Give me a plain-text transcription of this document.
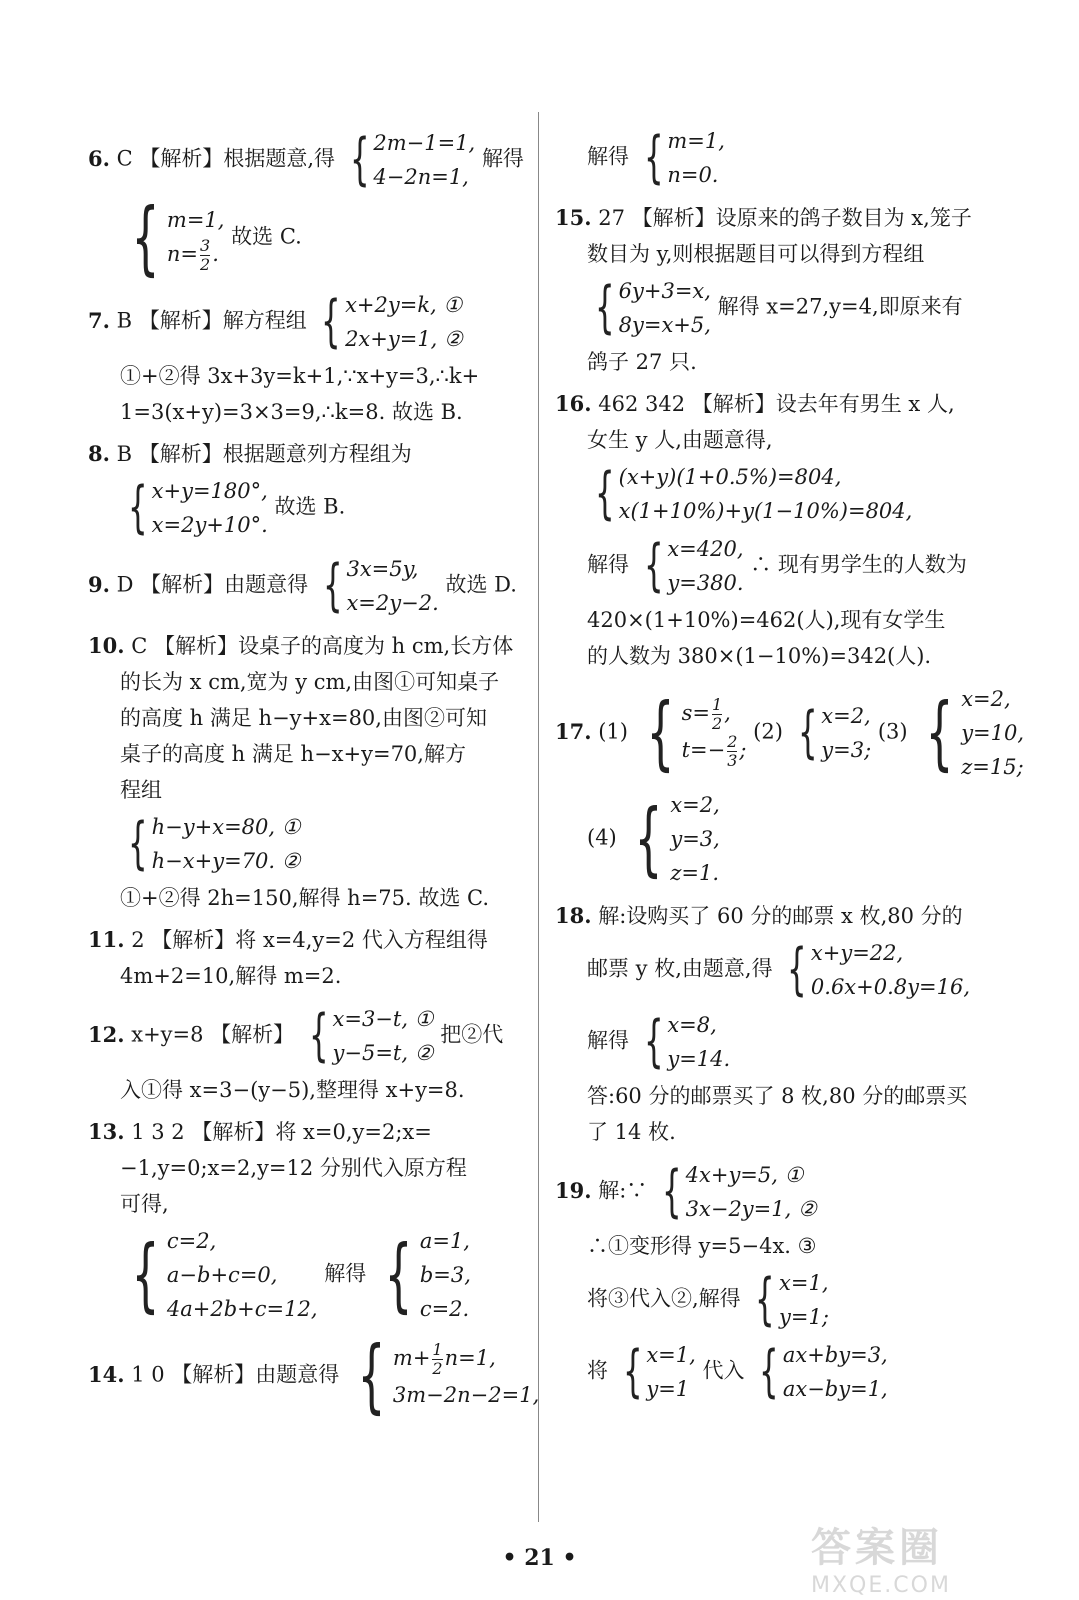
6. C 【解析】根据题意,得 { 2m−1=1,
4−2n=1,
解得
{ m=1,
$n= \frac{3}{2}$ .
故选 C.
7. B 【解析】解方程组 { x+2y=k, ①
2x+y=1, ②
①+②得 3x+3y=k+1,∵x+y=3,∴k+
1=3(x+y)=3×3=9,∴k=8. 故选 B.
8. B 【解析】根据题意列方程组为
{ x+y=180°,
x=2y+10°.
故选 B.
9. D 【解析】由题意得 { 3x=5y,
x=2y−2.
故选 D.
10. C 【解析】设桌子的高度为 h cm,长方体
的长为 x cm,宽为 y cm,由图①可知桌子
的高度 h 满足 h−y+x=80,由图②可知
桌子的高度 h 满足 h−x+y=70,解方
程组
{ h−y+x=80, ①
h−x+y=70. ②
①+②得 2h=150,解得 h=75. 故选 C.
11. 2 【解析】将 x=4,y=2 代入方程组得
4m+2=10,解得 m=2.
12. x+y=8 【解析】 { x=3−t, ①
y−5=t, ②
把②代
入①得 x=3−(y−5),整理得 x+y=8.
13. 1 3 2 【解析】将 x=0,y=2;x=
−1,y=0;x=2,y=12 分别代入原方程
可得,
{ c=2,
a−b+c=0,
4a+2b+c=12,
解得 { a=1,
b=3,
c=2.
14. 1 0 【解析】由题意得 { $m+ \frac{1}{2} n=1$,
3m−2n−2=1,
解得 { m=1,
n=0.
15. 27 【解析】设原来的鸽子数目为 x,笼子
数目为 y,则根据题目可以得到方程组
{ 6y+3=x,
8y=x+5,
解得 x=27,y=4,即原来有
鸽子 27 只.
16. 462 342 【解析】设去年有男生 x 人,
女生 y 人,由题意得,
{ (x+y)(1+0.5%)=804,
x(1+10%)+y(1−10%)=804,
解得 { x=420,
y=380.
∴ 现有男学生的人数为
420×(1+10%)=462(人),现有女学生
的人数为 380×(1−10%)=342(人).
17. (1) { $s= \frac{1}{2}$ ,
$t=- \frac{2}{3}$ ;
(2) { x=2,
y=3;
(3) { x=2,
y=10,
z=15;
(4) { x=2,
y=3,
z=1.
18. 解:设购买了 60 分的邮票 x 枚,80 分的
邮票 y 枚,由题意,得 { x+y=22,
0.6x+0.8y=16,
解得 { x=8,
y=14.
答:60 分的邮票买了 8 枚,80 分的邮票买
了 14 枚.
19. 解:∵ { 4x+y=5, ①
3x−2y=1, ②
∴①变形得 y=5−4x. ③
将③代入②,解得 { x=1,
y=1;
将 { x=1,
y=1
代入 { ax+by=3,
ax−by=1,
• 21 •	答案圈
MXQE.COM
